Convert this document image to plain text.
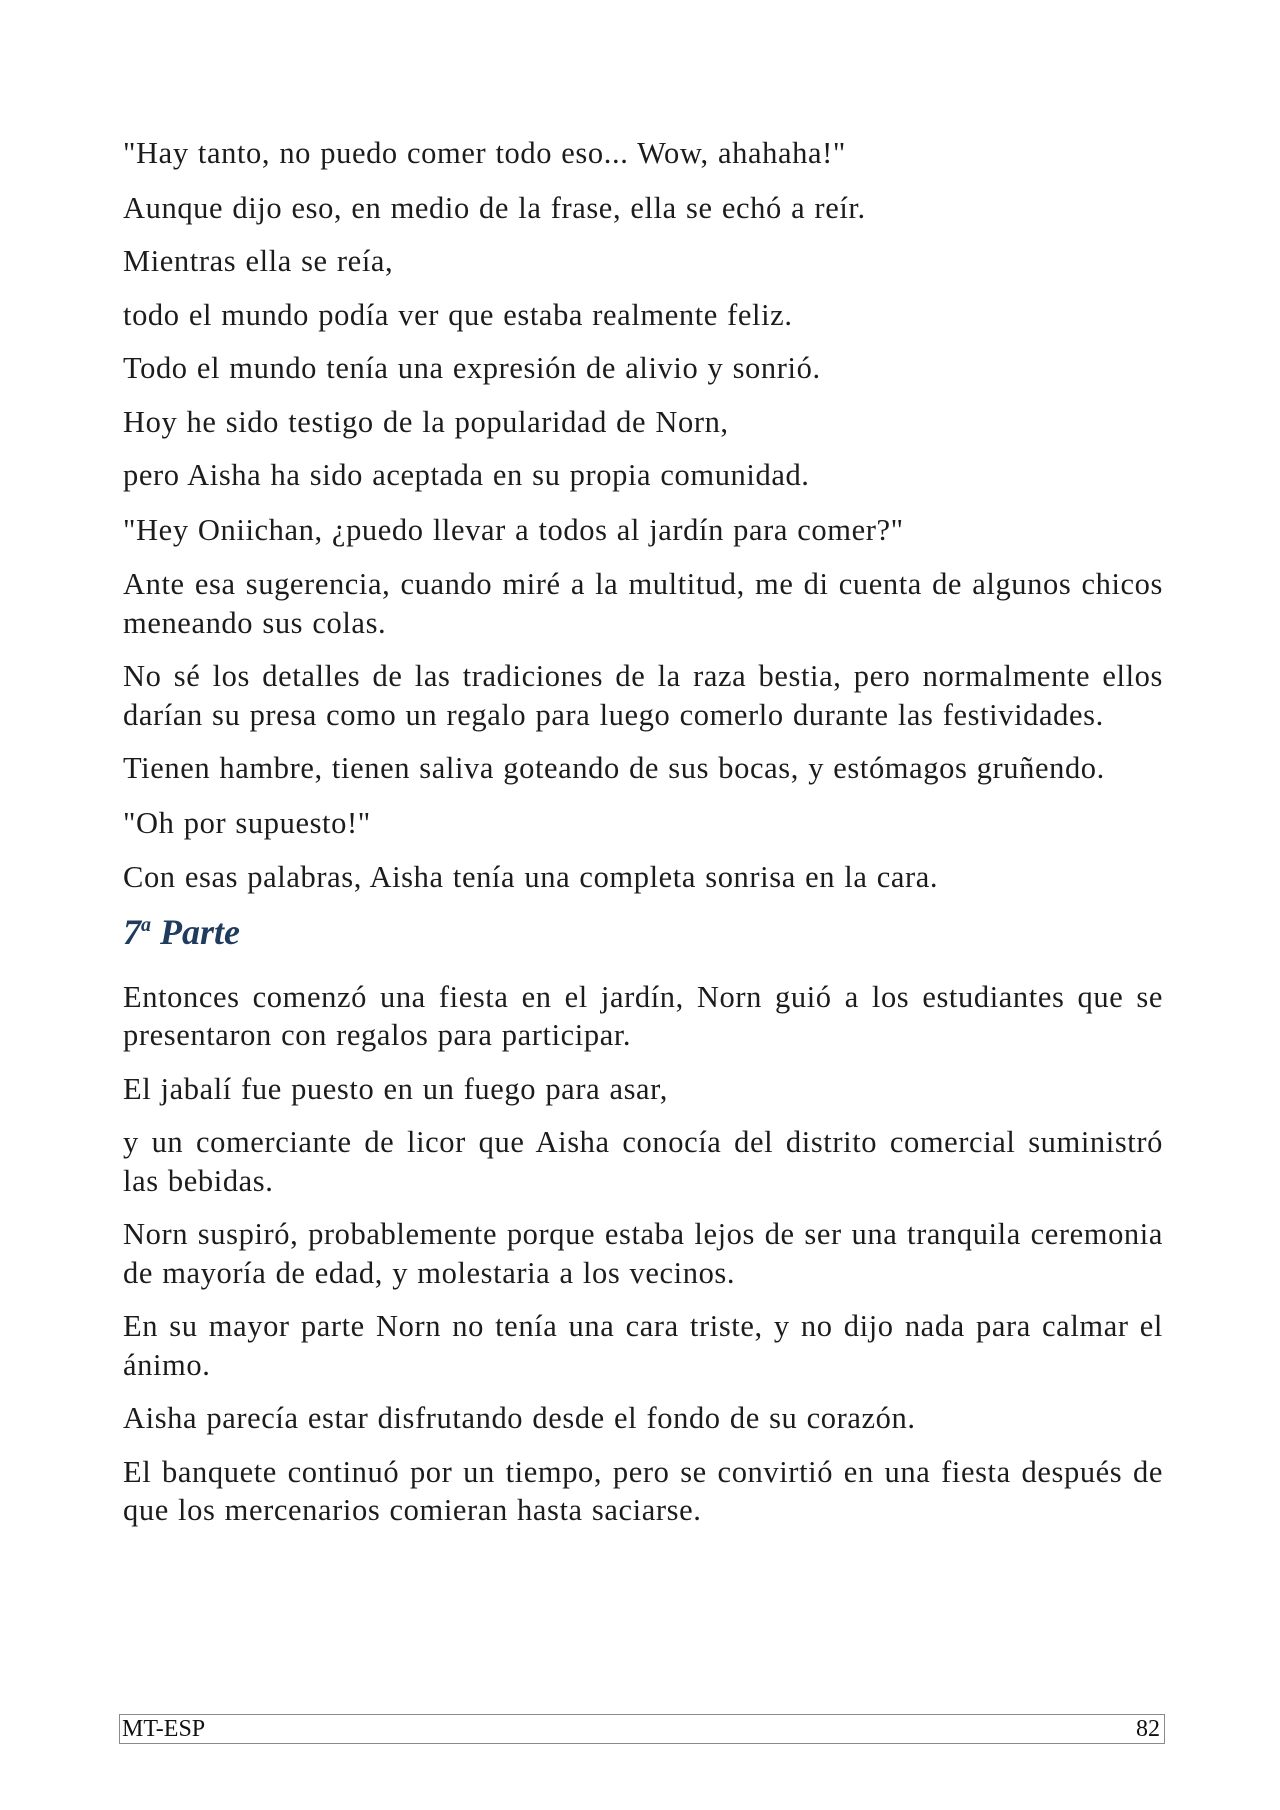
"Hay tanto, no puedo comer todo eso... Wow, ahahaha!"

Aunque dijo eso, en medio de la frase, ella se echó a reír.

Mientras ella se reía,

todo el mundo podía ver que estaba realmente feliz.

Todo el mundo tenía una expresión de alivio y sonrió.

Hoy he sido testigo de la popularidad de Norn,

pero Aisha ha sido aceptada en su propia comunidad.

"Hey Oniichan, ¿puedo llevar a todos al jardín para comer?"

Ante esa sugerencia, cuando miré a la multitud, me di cuenta de algunos chicos meneando sus colas.

No sé los detalles de las tradiciones de la raza bestia, pero normalmente ellos darían su presa como un regalo para luego comerlo durante las festividades.

Tienen hambre, tienen saliva goteando de sus bocas, y estómagos gruñendo.

"Oh por supuesto!"

Con esas palabras, Aisha tenía una completa sonrisa en la cara.

7$^a$ Parte

Entonces comenzó una fiesta en el jardín, Norn guió a los estudiantes que se presentaron con regalos para participar.

El jabalí fue puesto en un fuego para asar,

y un comerciante de licor que Aisha conocía del distrito comercial suministró las bebidas.

Norn suspiró, probablemente porque estaba lejos de ser una tranquila ceremonia de mayoría de edad, y molestaria a los vecinos.

En su mayor parte Norn no tenía una cara triste, y no dijo nada para calmar el ánimo.

Aisha parecía estar disfrutando desde el fondo de su corazón.

El banquete continuó por un tiempo, pero se convirtió en una fiesta después de que los mercenarios comieran hasta saciarse.

MT-ESP	82
